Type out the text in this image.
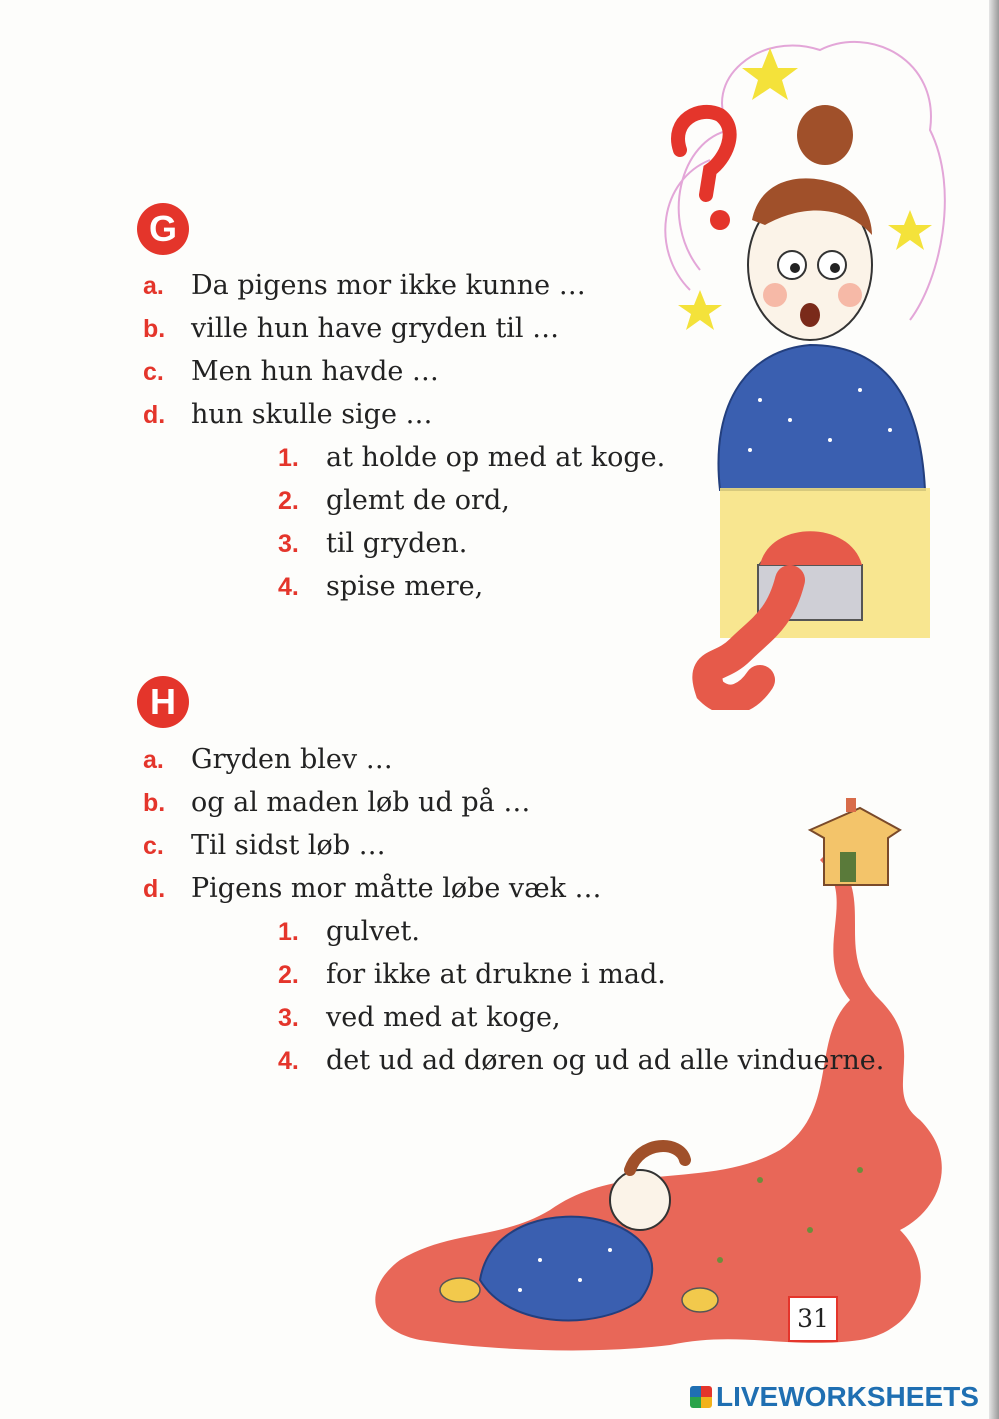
G
a. Da pigens mor ikke kunne …
b. ville hun have gryden til …
c. Men hun havde …
d. hun skulle sige …
1. at holde op med at koge.
2. glemt de ord,
3. til gryden.
4. spise mere,
H
a. Gryden blev …
b. og al maden løb ud på …
c. Til sidst løb …
d. Pigens mor måtte løbe væk …
1. gulvet.
2. for ikke at drukne i mad.
3. ved med at koge,
4. det ud ad døren og ud ad alle vinduerne.
31
LIVEWORKSHEETS
